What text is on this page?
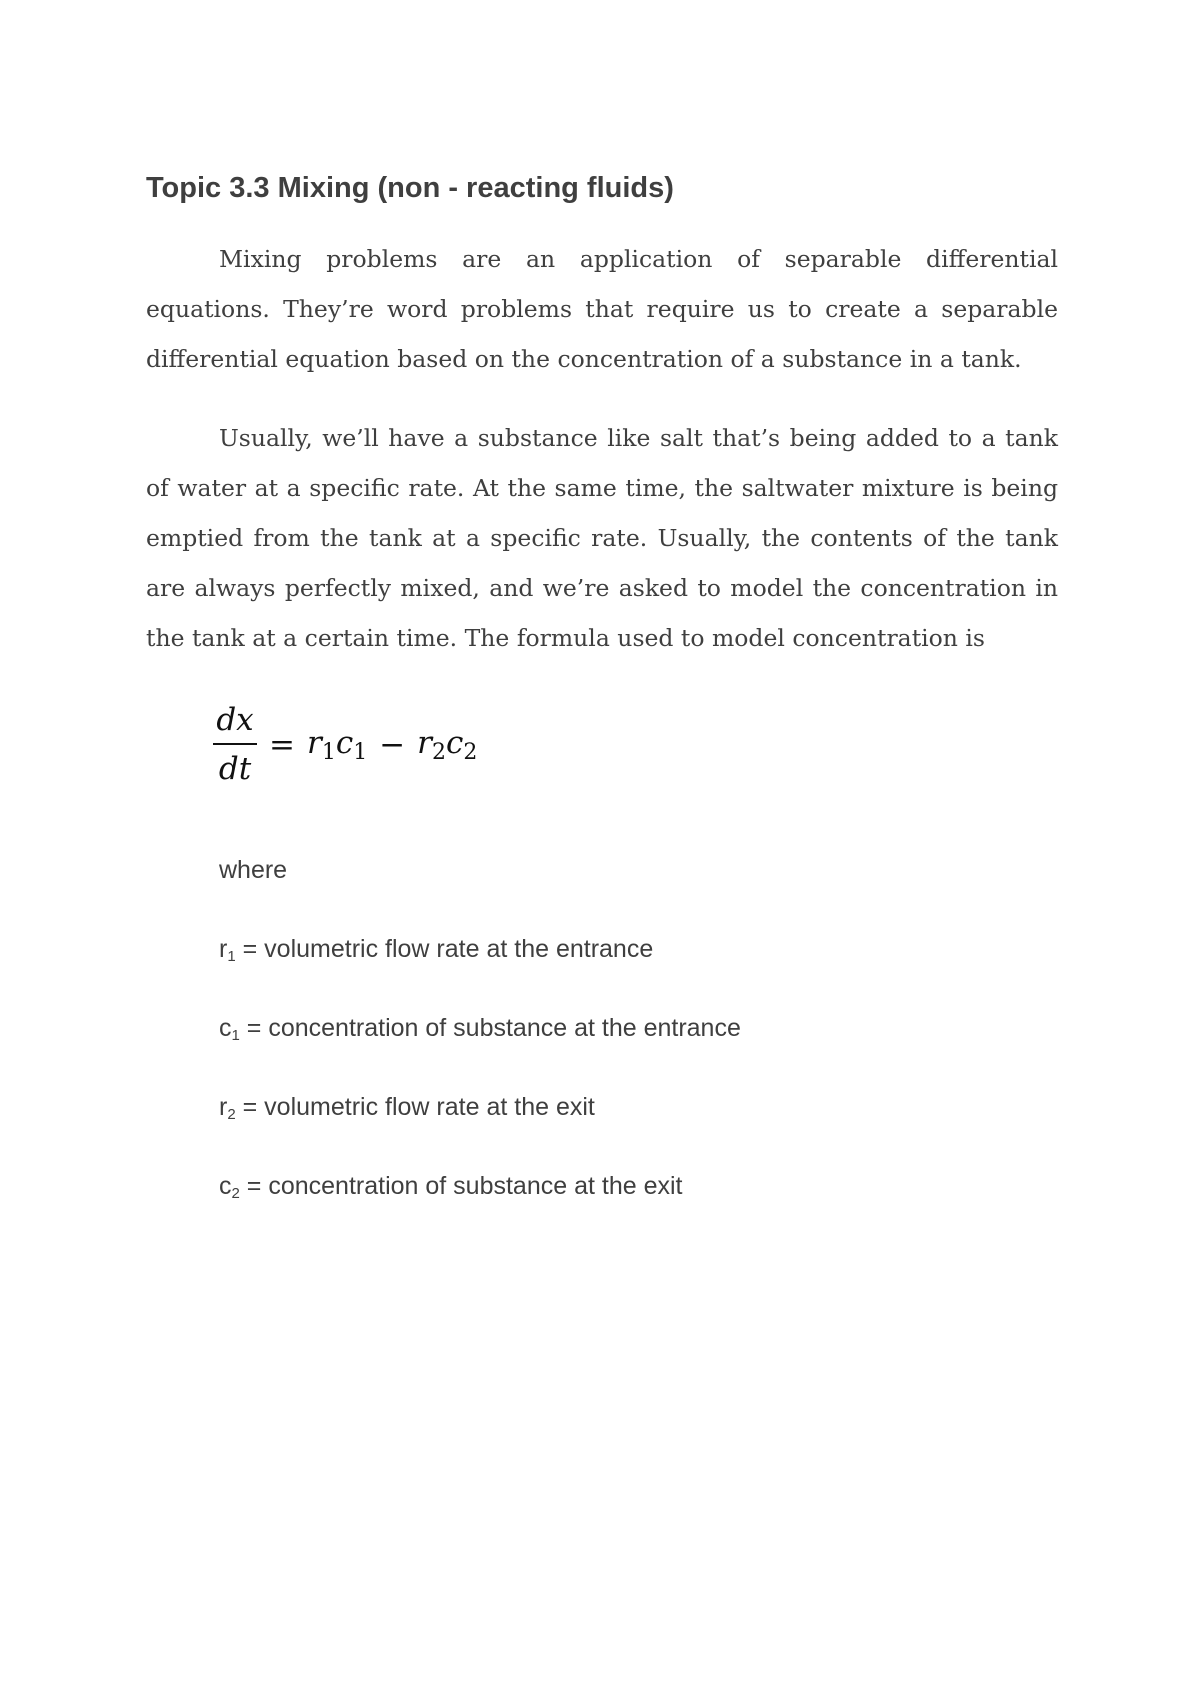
Topic 3.3 Mixing (non - reacting fluids)

Mixing problems are an application of separable differential equations. They’re word problems that require us to create a separable differential equation based on the concentration of a substance in a tank.

Usually, we’ll have a substance like salt that’s being added to a tank of water at a specific rate. At the same time, the saltwater mixture is being emptied from the tank at a specific rate. Usually, the contents of the tank are always perfectly mixed, and we’re asked to model the concentration in the tank at a certain time. The formula used to model concentration is

$\frac{dx}{dt} = r_1c_1 - r_2c_2$
where
$r_1$ = volumetric flow rate at the entrance
$c_1$ = concentration of substance at the entrance
$r_2$ = volumetric flow rate at the exit
$c_2$ = concentration of substance at the exit
